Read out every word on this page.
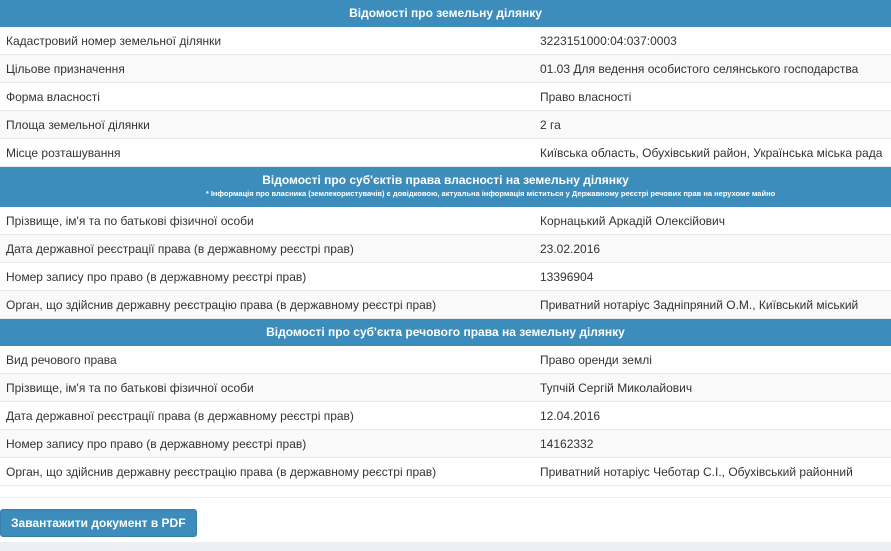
Відомості про земельну ділянку
Кадастровий номер земельної ділянки	3223151000:04:037:0003
Цільове призначення	01.03 Для ведення особистого селянського господарства
Форма власності	Право власності
Площа земельної ділянки	2 га
Місце розташування	Київська область, Обухівський район, Українська міська рада
Відомості про суб'єктів права власності на земельну ділянку
* Інформація про власника (землекористувачів) є довідковою, актуальна інформація міститься у Державному реєстрі речових прав на нерухоме майно
Прізвище, ім'я та по батькові фізичної особи	Корнацький Аркадій Олексійович
Дата державної реєстрації права (в державному реєстрі прав)	23.02.2016
Номер запису про право (в державному реєстрі прав)	13396904
Орган, що здійснив державну реєстрацію права (в державному реєстрі прав)	Приватний нотаріус Задніпряний О.М., Київський міський
Відомості про суб'єкта речового права на земельну ділянку
Вид речового права	Право оренди землі
Прізвище, ім'я та по батькові фізичної особи	Тупчій Сергій Миколайович
Дата державної реєстрації права (в державному реєстрі прав)	12.04.2016
Номер запису про право (в державному реєстрі прав)	14162332
Орган, що здійснив державну реєстрацію права (в державному реєстрі прав)	Приватний нотаріус Чеботар С.І., Обухівський районний
Завантажити документ в PDF
